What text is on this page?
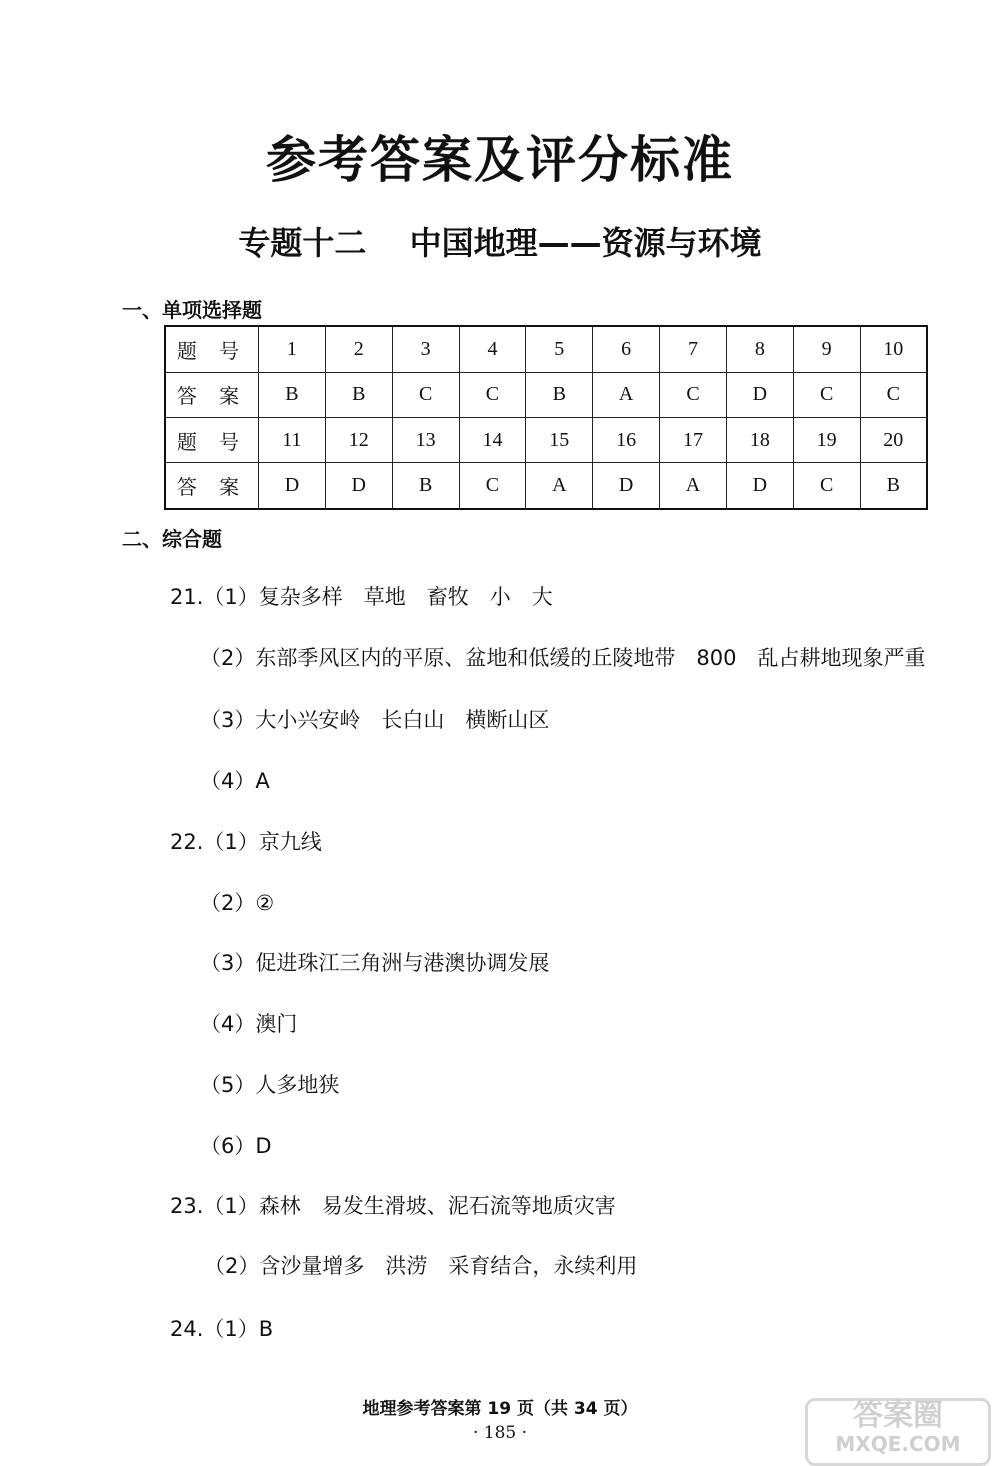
参考答案及评分标准
专题十二　 中国地理——资源与环境
一、单项选择题
题 号	1	2	3	4	5	6	7	8	9	10
答 案	B	B	C	C	B	A	C	D	C	C
题 号	11	12	13	14	15	16	17	18	19	20
答 案	D	D	B	C	A	D	A	D	C	B
二、综合题
21.（1）复杂多样　草地　畜牧　小　大
（2）东部季风区内的平原、盆地和低缓的丘陵地带　800　乱占耕地现象严重
（3）大小兴安岭　长白山　横断山区
（4）A
22.（1）京九线
（2）②
（3）促进珠江三角洲与港澳协调发展
（4）澳门
（5）人多地狭
（6）D
23.（1）森林　易发生滑坡、泥石流等地质灾害
（2）含沙量增多　洪涝　采育结合，永续利用
24.（1）B
地理参考答案第 19 页（共 34 页）
· 185 ·	答案圈
MXQE.COM
